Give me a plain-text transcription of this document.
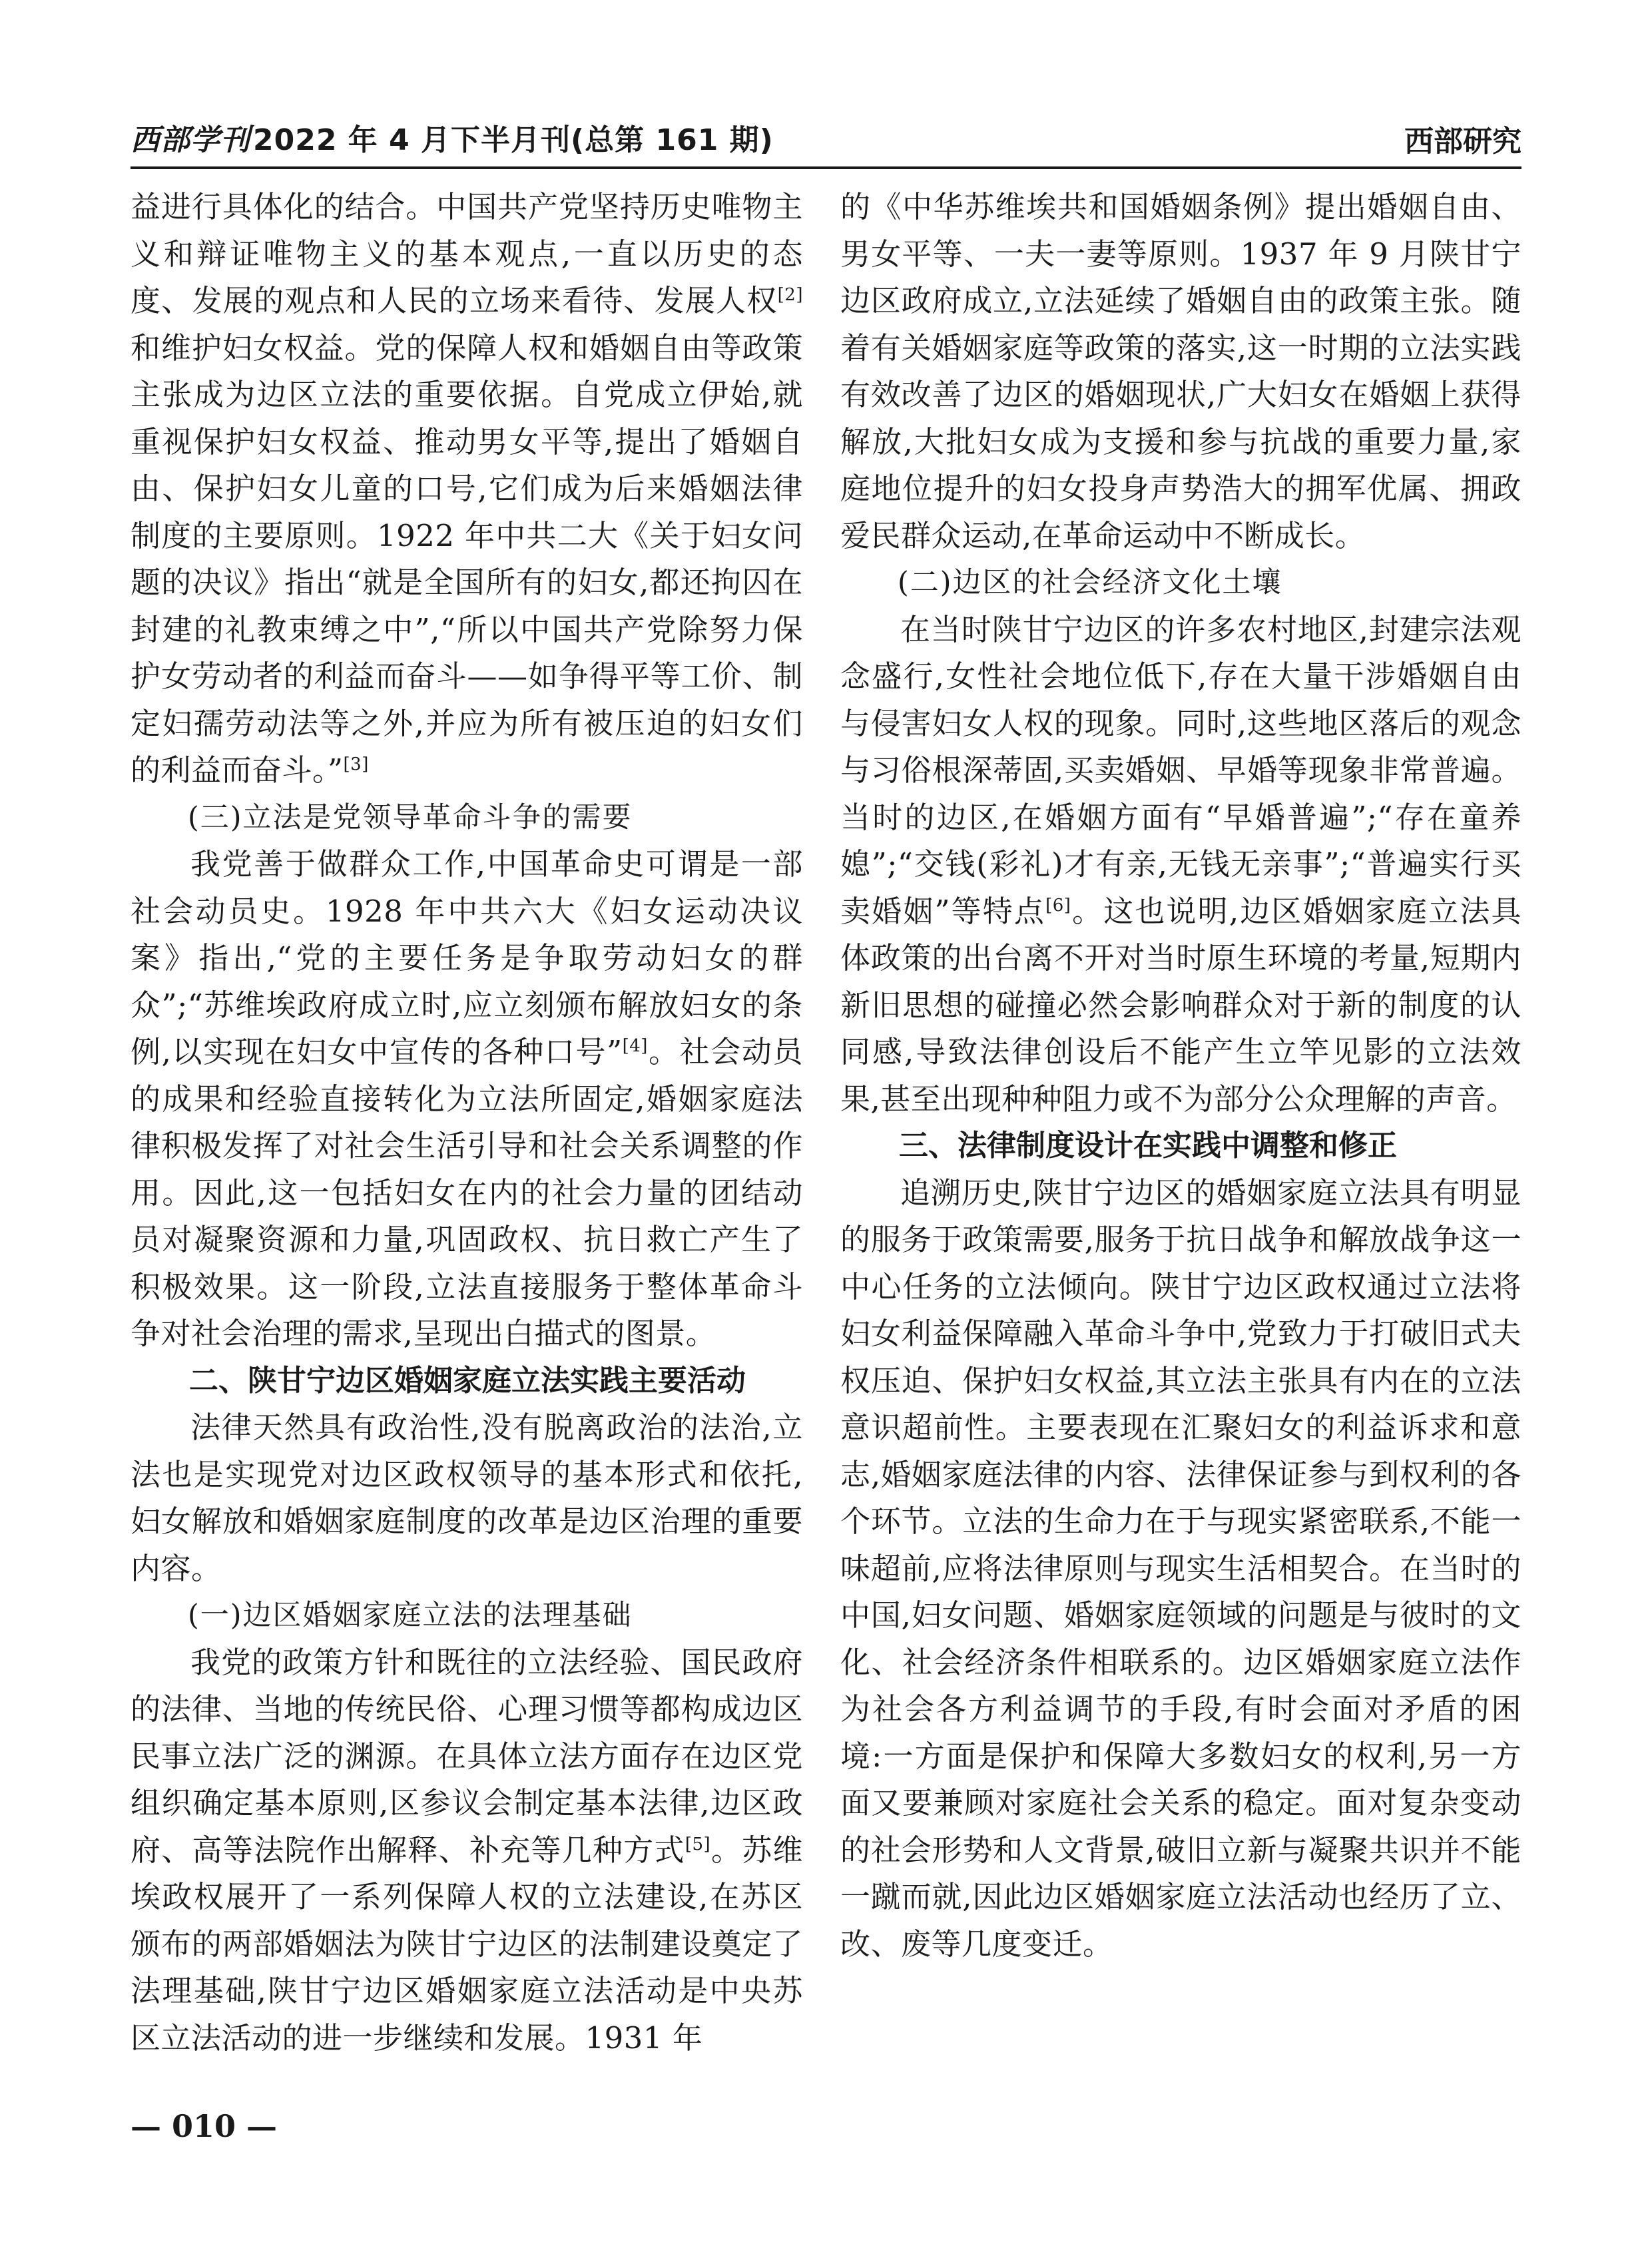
西部学刊2022 年 4 月下半月刊(总第 161 期)	西部研究

益进行具体化的结合。中国共产党坚持历史唯物主义和辩证唯物主义的基本观点,一直以历史的态度、发展的观点和人民的立场来看待、发展人权[2]和维护妇女权益。党的保障人权和婚姻自由等政策主张成为边区立法的重要依据。自党成立伊始,就重视保护妇女权益、推动男女平等,提出了婚姻自由、保护妇女儿童的口号,它们成为后来婚姻法律制度的主要原则。1922 年中共二大《关于妇女问题的决议》指出“就是全国所有的妇女,都还拘囚在封建的礼教束缚之中”,“所以中国共产党除努力保护女劳动者的利益而奋斗——如争得平等工价、制定妇孺劳动法等之外,并应为所有被压迫的妇女们的利益而奋斗。”[3]

(三)立法是党领导革命斗争的需要

我党善于做群众工作,中国革命史可谓是一部社会动员史。1928 年中共六大《妇女运动决议案》指出,“党的主要任务是争取劳动妇女的群众”;“苏维埃政府成立时,应立刻颁布解放妇女的条例,以实现在妇女中宣传的各种口号”[4]。社会动员的成果和经验直接转化为立法所固定,婚姻家庭法律积极发挥了对社会生活引导和社会关系调整的作用。因此,这一包括妇女在内的社会力量的团结动员对凝聚资源和力量,巩固政权、抗日救亡产生了积极效果。这一阶段,立法直接服务于整体革命斗争对社会治理的需求,呈现出白描式的图景。

二、陕甘宁边区婚姻家庭立法实践主要活动

法律天然具有政治性,没有脱离政治的法治,立法也是实现党对边区政权领导的基本形式和依托,妇女解放和婚姻家庭制度的改革是边区治理的重要内容。

(一)边区婚姻家庭立法的法理基础

我党的政策方针和既往的立法经验、国民政府的法律、当地的传统民俗、心理习惯等都构成边区民事立法广泛的渊源。在具体立法方面存在边区党组织确定基本原则,区参议会制定基本法律,边区政府、高等法院作出解释、补充等几种方式[5]。苏维埃政权展开了一系列保障人权的立法建设,在苏区颁布的两部婚姻法为陕甘宁边区的法制建设奠定了法理基础,陕甘宁边区婚姻家庭立法活动是中央苏区立法活动的进一步继续和发展。1931 年

的《中华苏维埃共和国婚姻条例》提出婚姻自由、男女平等、一夫一妻等原则。1937 年 9 月陕甘宁边区政府成立,立法延续了婚姻自由的政策主张。随着有关婚姻家庭等政策的落实,这一时期的立法实践有效改善了边区的婚姻现状,广大妇女在婚姻上获得解放,大批妇女成为支援和参与抗战的重要力量,家庭地位提升的妇女投身声势浩大的拥军优属、拥政爱民群众运动,在革命运动中不断成长。

(二)边区的社会经济文化土壤

在当时陕甘宁边区的许多农村地区,封建宗法观念盛行,女性社会地位低下,存在大量干涉婚姻自由与侵害妇女人权的现象。同时,这些地区落后的观念与习俗根深蒂固,买卖婚姻、早婚等现象非常普遍。当时的边区,在婚姻方面有“早婚普遍”;“存在童养媳”;“交钱(彩礼)才有亲,无钱无亲事”;“普遍实行买卖婚姻”等特点[6]。这也说明,边区婚姻家庭立法具体政策的出台离不开对当时原生环境的考量,短期内新旧思想的碰撞必然会影响群众对于新的制度的认同感,导致法律创设后不能产生立竿见影的立法效果,甚至出现种种阻力或不为部分公众理解的声音。

三、法律制度设计在实践中调整和修正

追溯历史,陕甘宁边区的婚姻家庭立法具有明显的服务于政策需要,服务于抗日战争和解放战争这一中心任务的立法倾向。陕甘宁边区政权通过立法将妇女利益保障融入革命斗争中,党致力于打破旧式夫权压迫、保护妇女权益,其立法主张具有内在的立法意识超前性。主要表现在汇聚妇女的利益诉求和意志,婚姻家庭法律的内容、法律保证参与到权利的各个环节。立法的生命力在于与现实紧密联系,不能一味超前,应将法律原则与现实生活相契合。在当时的中国,妇女问题、婚姻家庭领域的问题是与彼时的文化、社会经济条件相联系的。边区婚姻家庭立法作为社会各方利益调节的手段,有时会面对矛盾的困境:一方面是保护和保障大多数妇女的权利,另一方面又要兼顾对家庭社会关系的稳定。面对复杂变动的社会形势和人文背景,破旧立新与凝聚共识并不能一蹴而就,因此边区婚姻家庭立法活动也经历了立、改、废等几度变迁。

— 010 —
